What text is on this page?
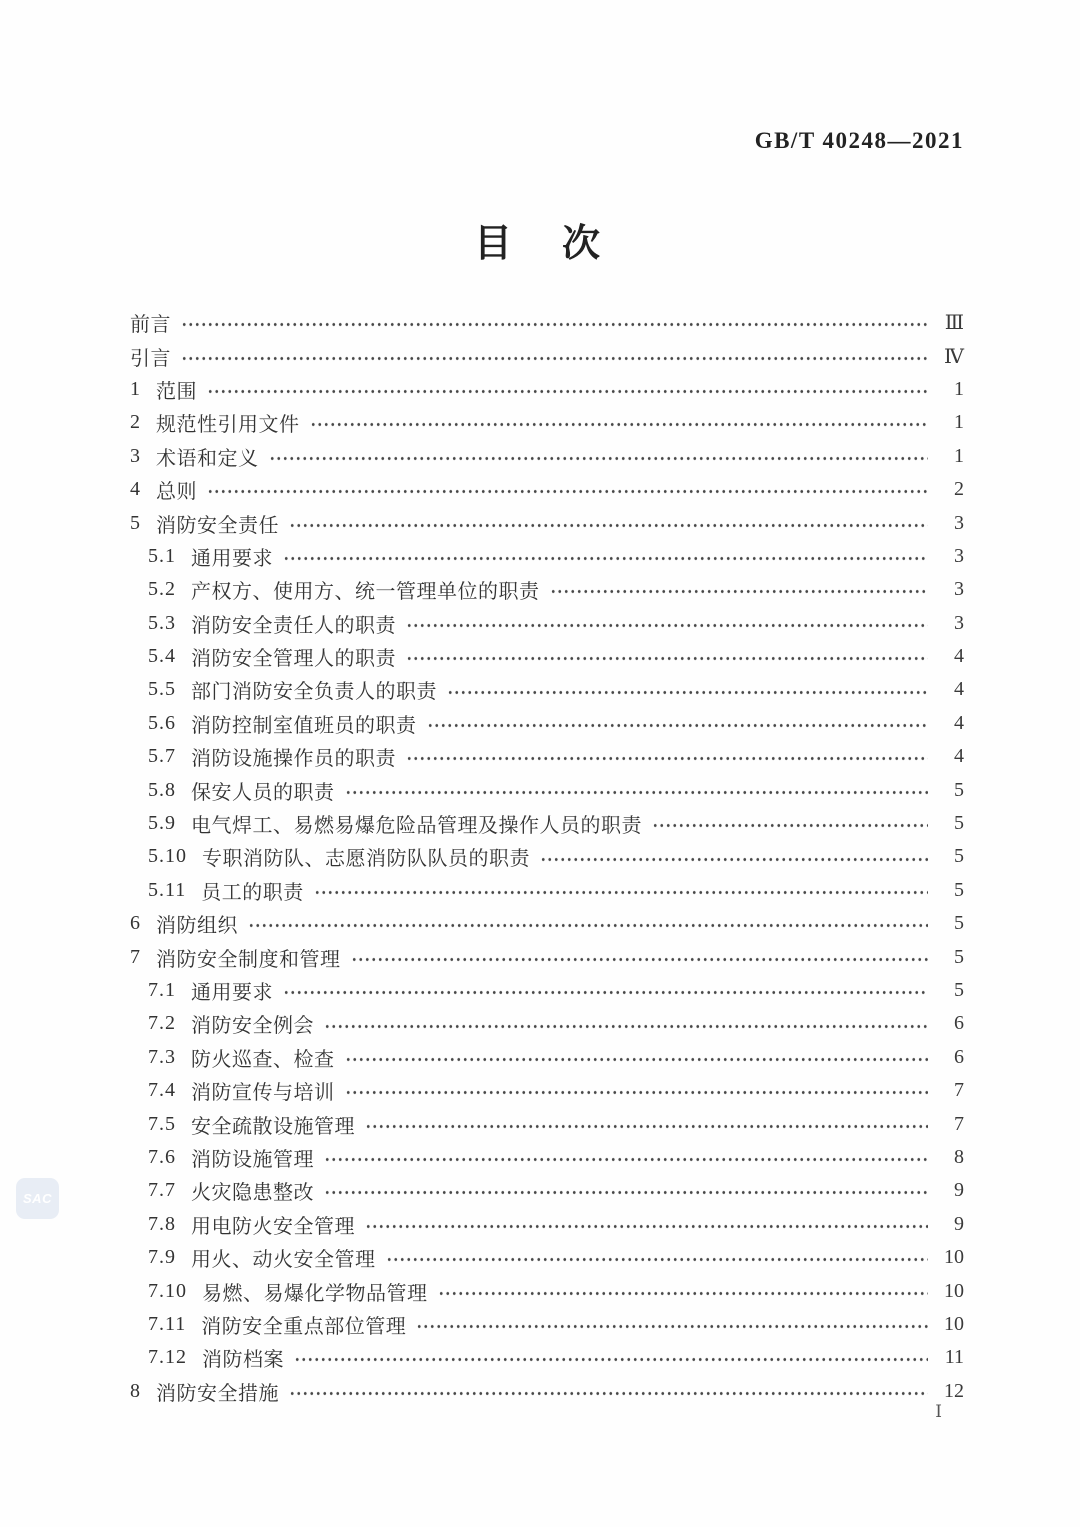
GB/T 40248—2021
目　次
前言	Ⅲ
引言	Ⅳ
1 范围	1
2 规范性引用文件	1
3 术语和定义	1
4 总则	2
5 消防安全责任	3
5.1 通用要求	3
5.2 产权方、使用方、统一管理单位的职责	3
5.3 消防安全责任人的职责	3
5.4 消防安全管理人的职责	4
5.5 部门消防安全负责人的职责	4
5.6 消防控制室值班员的职责	4
5.7 消防设施操作员的职责	4
5.8 保安人员的职责	5
5.9 电气焊工、易燃易爆危险品管理及操作人员的职责	5
5.10 专职消防队、志愿消防队队员的职责	5
5.11 员工的职责	5
6 消防组织	5
7 消防安全制度和管理	5
7.1 通用要求	5
7.2 消防安全例会	6
7.3 防火巡查、检查	6
7.4 消防宣传与培训	7
7.5 安全疏散设施管理	7
7.6 消防设施管理	8
7.7 火灾隐患整改	9
7.8 用电防火安全管理	9
7.9 用火、动火安全管理	10
7.10 易燃、易爆化学物品管理	10
7.11 消防安全重点部位管理	10
7.12 消防档案	11
8 消防安全措施	12
SAC
Ⅰ
